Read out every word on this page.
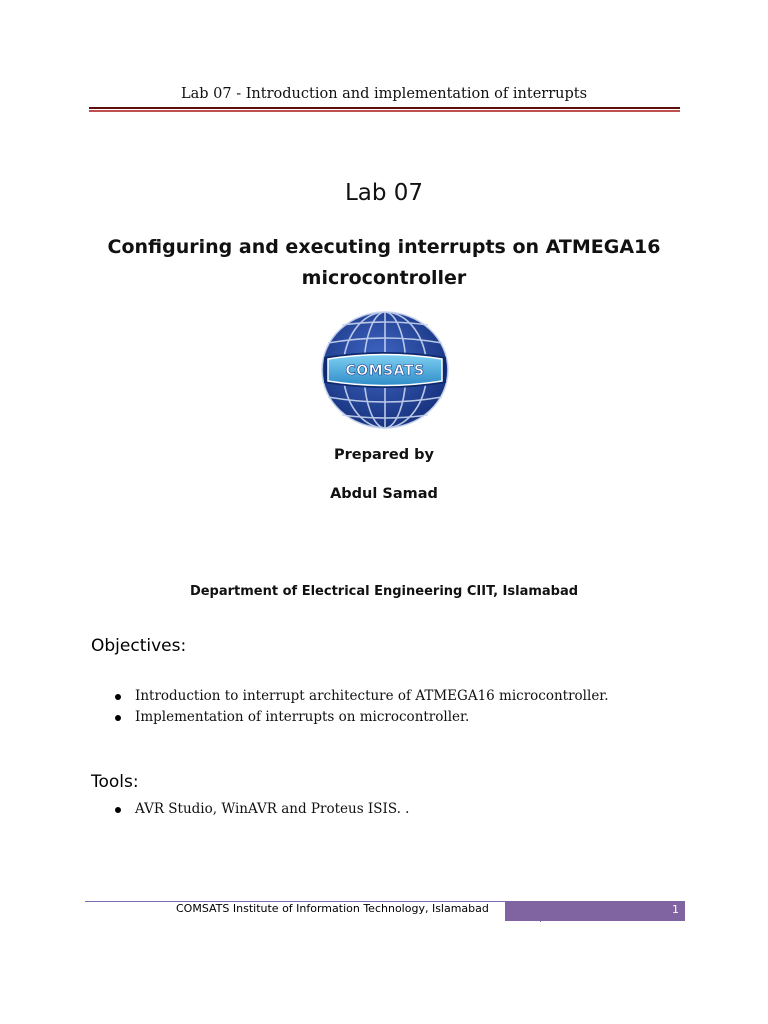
Lab 07 - Introduction and implementation of interrupts
Lab 07
Configuring and executing interrupts on ATMEGA16
microcontroller
COMSATS
Prepared by
Abdul Samad
Department of Electrical Engineering CIIT, Islamabad
Objectives:
Introduction to interrupt architecture of ATMEGA16 microcontroller.
Implementation of interrupts on microcontroller.
Tools:
AVR Studio, WinAVR and Proteus ISIS. .
COMSATS Institute of Information Technology, Islamabad	1
